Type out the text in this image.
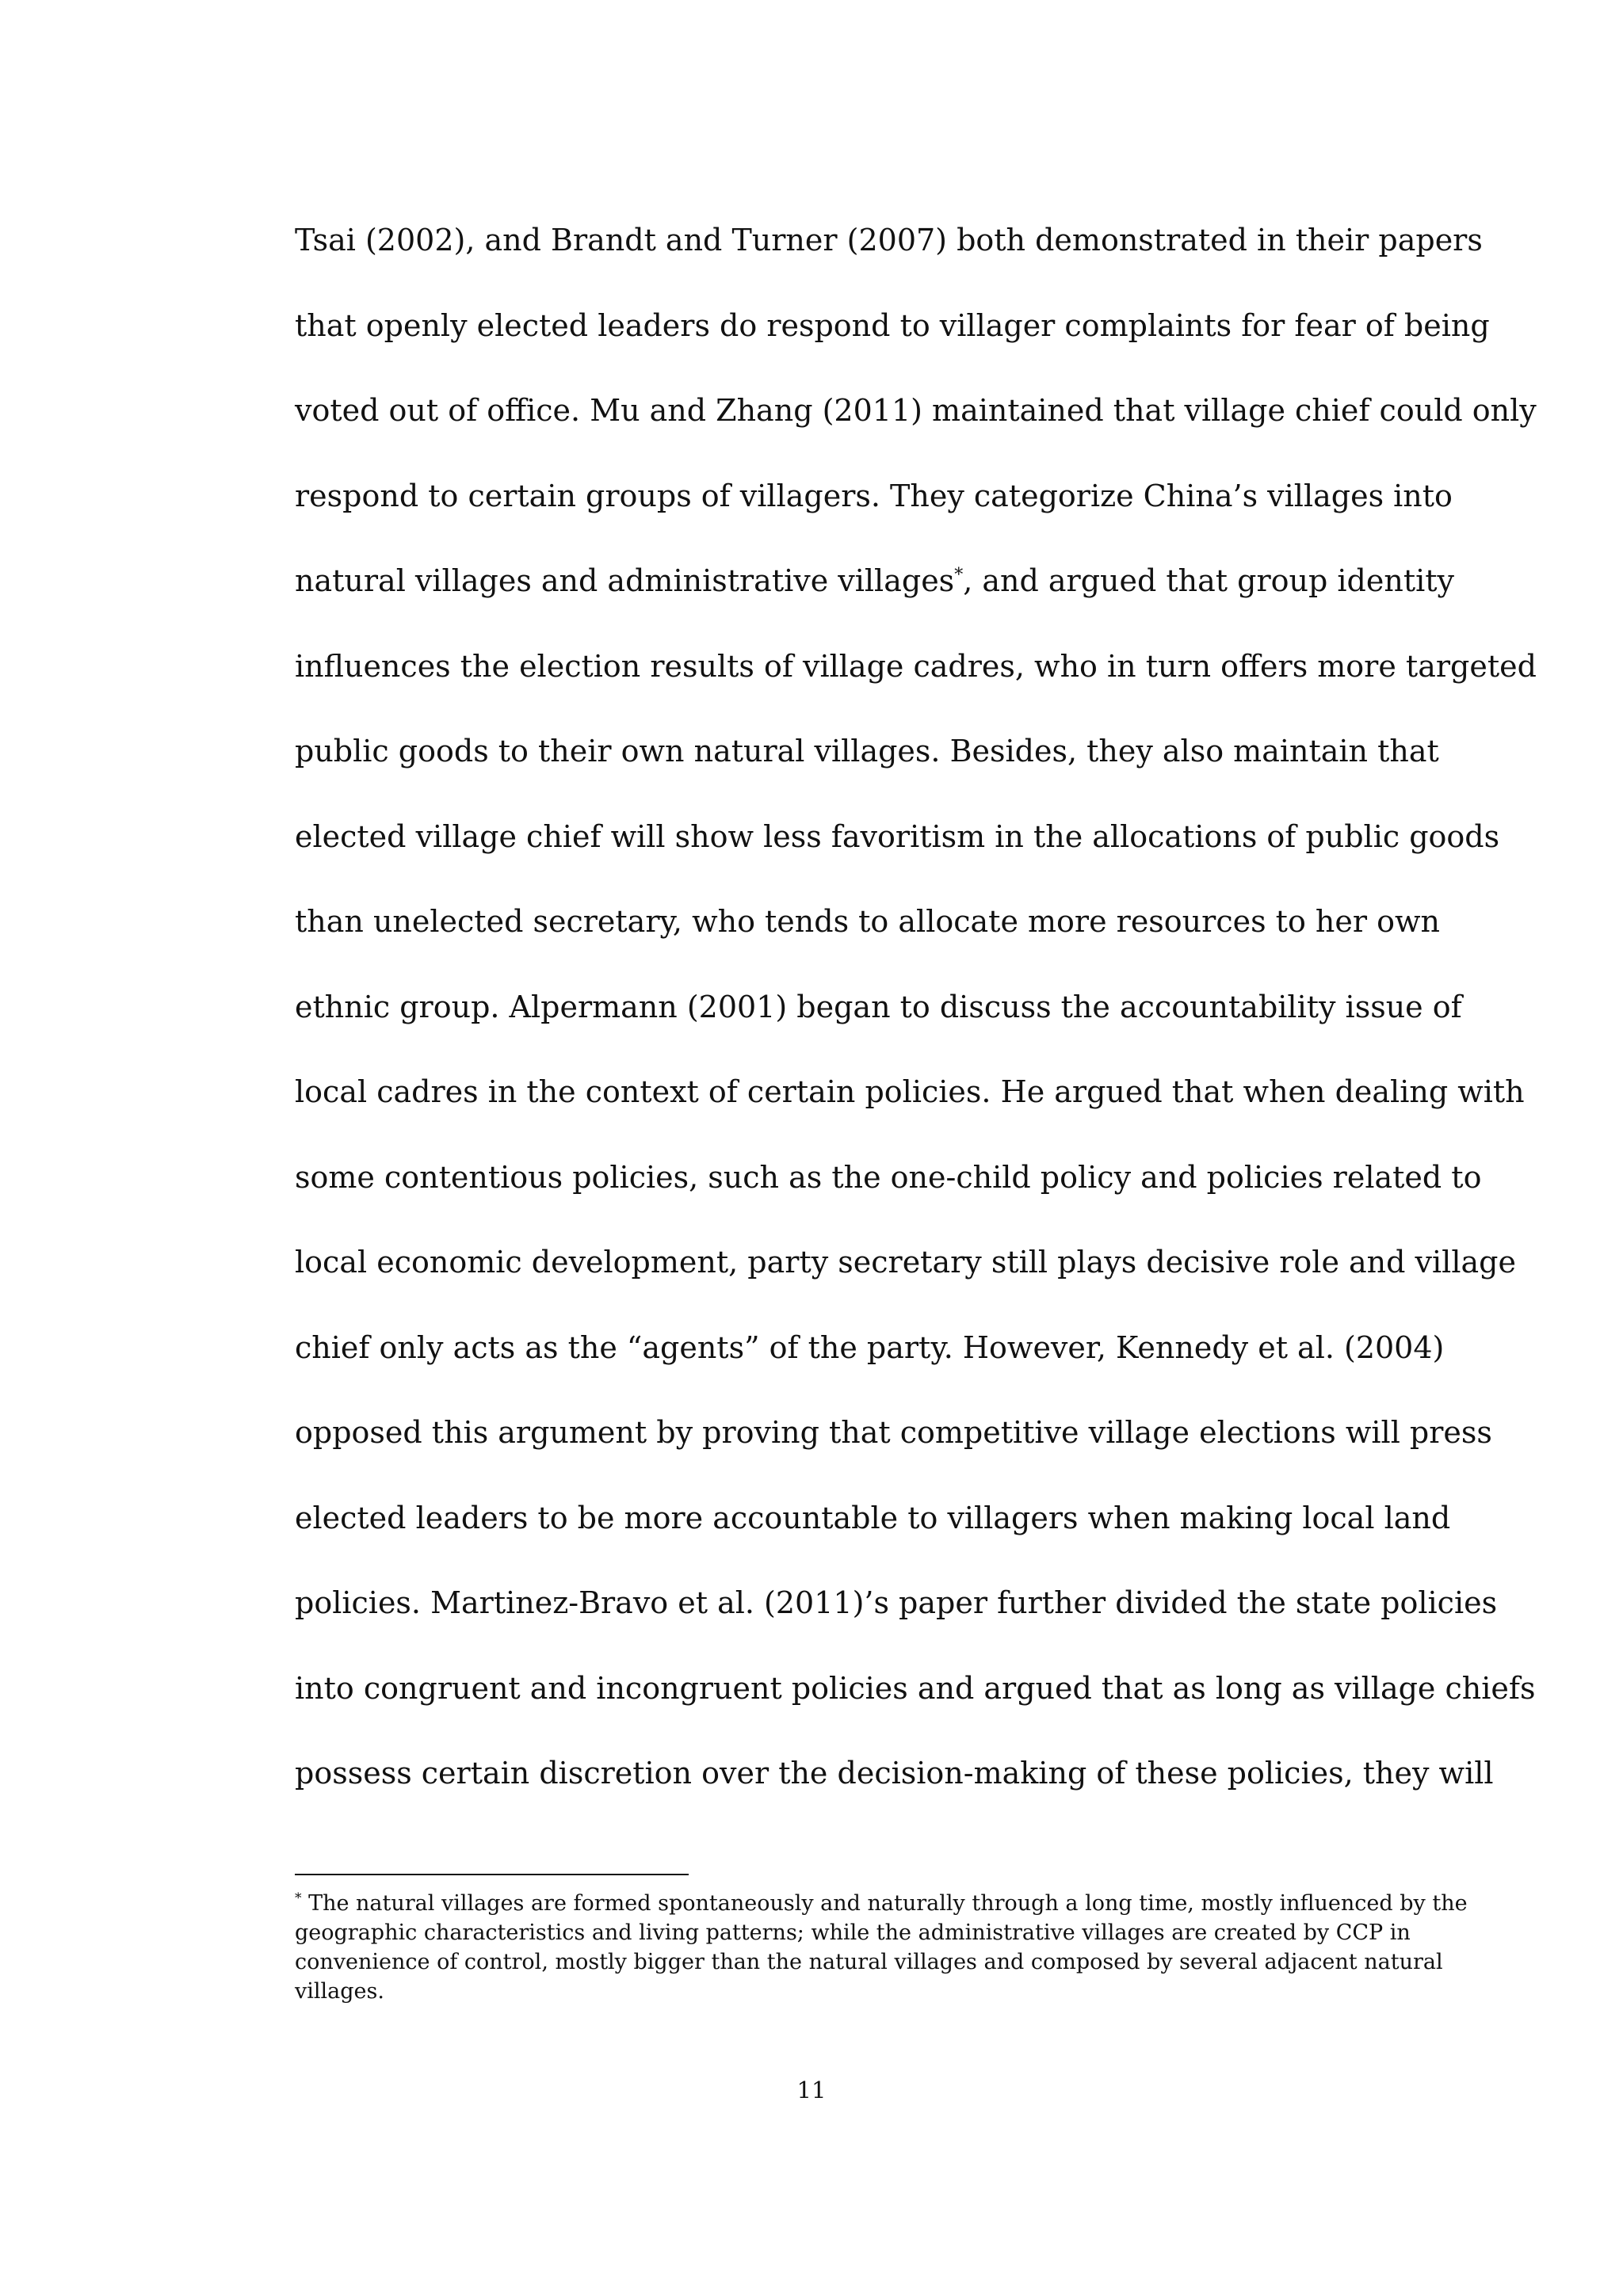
Tsai (2002), and Brandt and Turner (2007) both demonstrated in their papers
that openly elected leaders do respond to villager complaints for fear of being
voted out of office. Mu and Zhang (2011) maintained that village chief could only
respond to certain groups of villagers. They categorize China’s villages into
natural villages and administrative villages*, and argued that group identity
influences the election results of village cadres, who in turn offers more targeted
public goods to their own natural villages. Besides, they also maintain that
elected village chief will show less favoritism in the allocations of public goods
than unelected secretary, who tends to allocate more resources to her own
ethnic group. Alpermann (2001) began to discuss the accountability issue of
local cadres in the context of certain policies. He argued that when dealing with
some contentious policies, such as the one-child policy and policies related to
local economic development, party secretary still plays decisive role and village
chief only acts as the “agents” of the party. However, Kennedy et al. (2004)
opposed this argument by proving that competitive village elections will press
elected leaders to be more accountable to villagers when making local land
policies. Martinez-Bravo et al. (2011)’s paper further divided the state policies
into congruent and incongruent policies and argued that as long as village chiefs
possess certain discretion over the decision-making of these policies, they will
* The natural villages are formed spontaneously and naturally through a long time, mostly influenced by the
geographic characteristics and living patterns; while the administrative villages are created by CCP in
convenience of control, mostly bigger than the natural villages and composed by several adjacent natural
villages.
11
